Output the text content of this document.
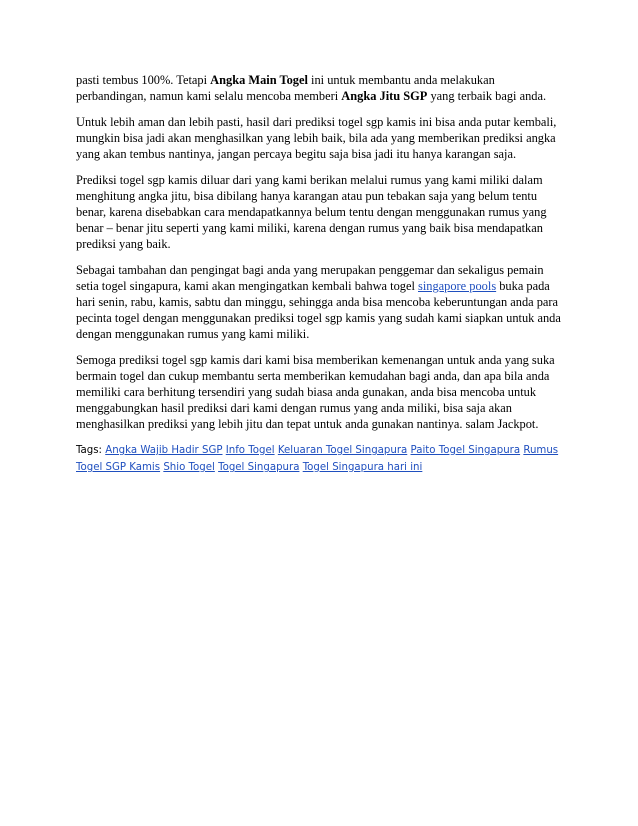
pasti tembus 100%. Tetapi Angka Main Togel ini untuk membantu anda melakukan perbandingan, namun kami selalu mencoba memberi Angka Jitu SGP yang terbaik bagi anda.

Untuk lebih aman dan lebih pasti, hasil dari prediksi togel sgp kamis ini bisa anda putar kembali, mungkin bisa jadi akan menghasilkan yang lebih baik, bila ada yang memberikan prediksi angka yang akan tembus nantinya, jangan percaya begitu saja bisa jadi itu hanya karangan saja.

Prediksi togel sgp kamis diluar dari yang kami berikan melalui rumus yang kami miliki dalam menghitung angka jitu, bisa dibilang hanya karangan atau pun tebakan saja yang belum tentu benar, karena disebabkan cara mendapatkannya belum tentu dengan menggunakan rumus yang benar – benar jitu seperti yang kami miliki, karena dengan rumus yang baik bisa mendapatkan prediksi yang baik.

Sebagai tambahan dan pengingat bagi anda yang merupakan penggemar dan sekaligus pemain setia togel singapura, kami akan mengingatkan kembali bahwa togel singapore pools buka pada hari senin, rabu, kamis, sabtu dan minggu, sehingga anda bisa mencoba keberuntungan anda para pecinta togel dengan menggunakan prediksi togel sgp kamis yang sudah kami siapkan untuk anda dengan menggunakan rumus yang kami miliki.

Semoga prediksi togel sgp kamis dari kami bisa memberikan kemenangan untuk anda yang suka bermain togel dan cukup membantu serta memberikan kemudahan bagi anda, dan apa bila anda memiliki cara berhitung tersendiri yang sudah biasa anda gunakan, anda bisa mencoba untuk menggabungkan hasil prediksi dari kami dengan rumus yang anda miliki, bisa saja akan menghasilkan prediksi yang lebih jitu dan tepat untuk anda gunakan nantinya. salam Jackpot.

Tags: Angka Wajib Hadir SGP Info Togel Keluaran Togel Singapura Paito Togel Singapura Rumus Togel SGP Kamis Shio Togel Togel Singapura Togel Singapura hari ini
